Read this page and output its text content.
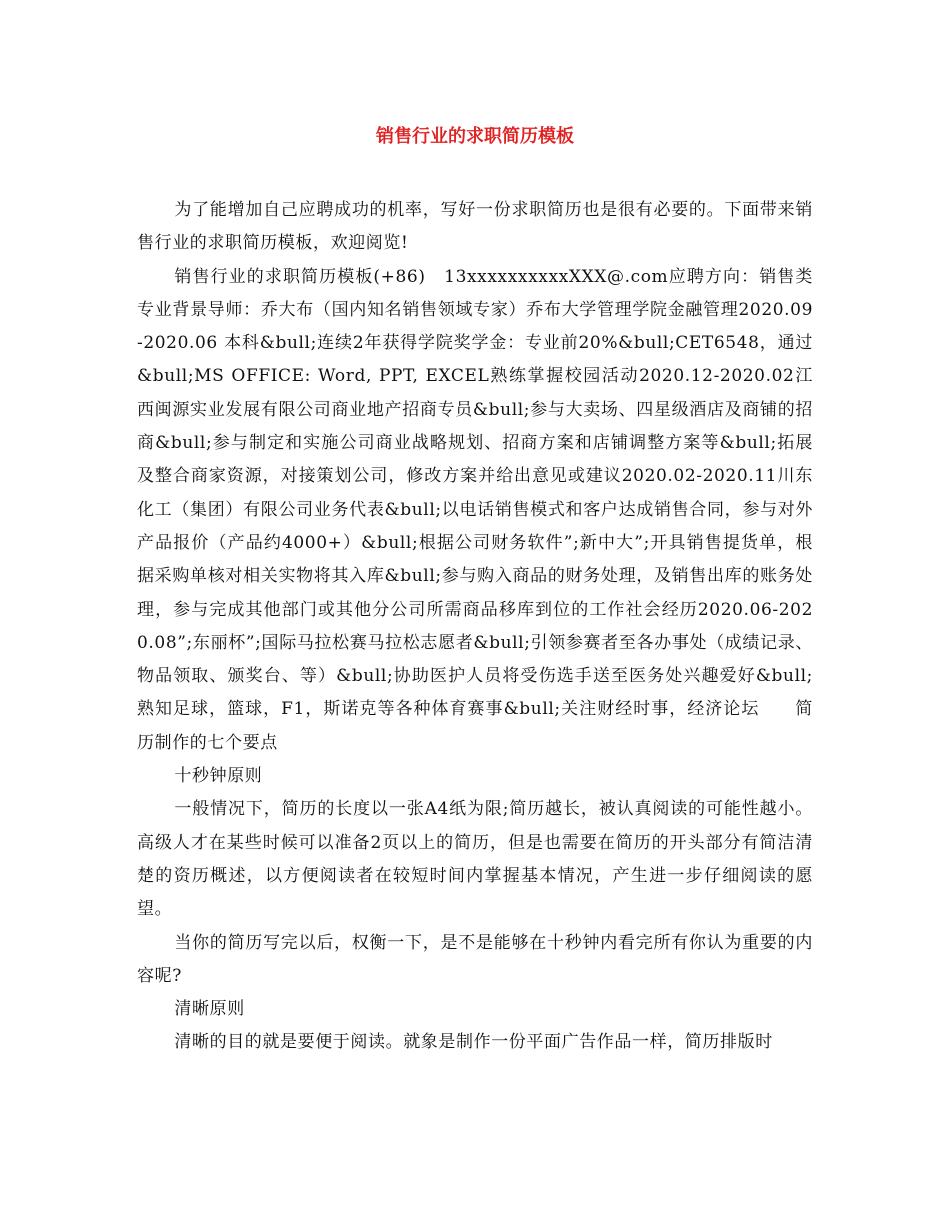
销售行业的求职简历模板

为了能增加自己应聘成功的机率，写好一份求职简历也是很有必要的。下面带来销售行业的求职简历模板，欢迎阅览!

销售行业的求职简历模板(+86)　13xxxxxxxxxxXXX@.com应聘方向：销售类专业背景导师：乔大布（国内知名销售领域专家）乔布大学管理学院金融管理2020.09-2020.06 本科&bull;连续2年获得学院奖学金：专业前20%&bull;CET6548，通过&bull;MS OFFICE: Word, PPT, EXCEL熟练掌握校园活动2020.12-2020.02江西闽源实业发展有限公司商业地产招商专员&bull;参与大卖场、四星级酒店及商铺的招商&bull;参与制定和实施公司商业战略规划、招商方案和店铺调整方案等&bull;拓展及整合商家资源，对接策划公司，修改方案并给出意见或建议2020.02-2020.11川东化工（集团）有限公司业务代表&bull;以电话销售模式和客户达成销售合同，参与对外产品报价（产品约4000+）&bull;根据公司财务软件”;新中大”;开具销售提货单，根据采购单核对相关实物将其入库&bull;参与购入商品的财务处理，及销售出库的账务处理，参与完成其他部门或其他分公司所需商品移库到位的工作社会经历2020.06-2020.08”;东丽杯”;国际马拉松赛马拉松志愿者&bull;引领参赛者至各办事处（成绩记录、物品领取、颁奖台、等）&bull;协助医护人员将受伤选手送至医务处兴趣爱好&bull;熟知足球，篮球，F1，斯诺克等各种体育赛事&bull;关注财经时事，经济论坛　　简历制作的七个要点

十秒钟原则

一般情况下，简历的长度以一张A4纸为限;简历越长，被认真阅读的可能性越小。高级人才在某些时候可以准备2页以上的简历，但是也需要在简历的开头部分有简洁清楚的资历概述，以方便阅读者在较短时间内掌握基本情况，产生进一步仔细阅读的愿望。

当你的简历写完以后，权衡一下，是不是能够在十秒钟内看完所有你认为重要的内容呢?

清晰原则

清晰的目的就是要便于阅读。就象是制作一份平面广告作品一样，简历排版时
